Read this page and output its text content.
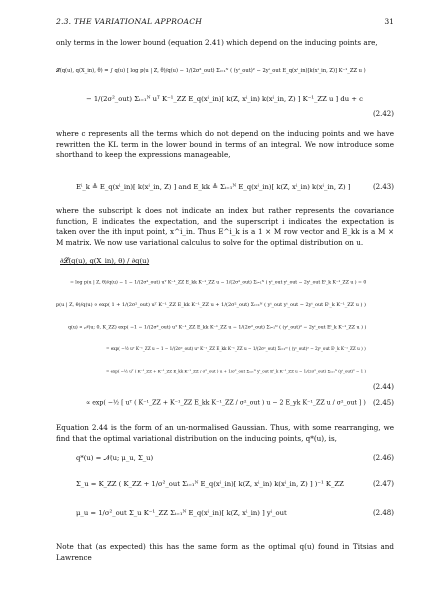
2.3. THE VARIATIONAL APPROACH	31
only terms in the lower bound (equation 2.41) which depend on the inducing points are,
𝓛(q(u), q(X_in), θ) = ∫ q(u) [ log p(u | Z, θ)/q(u) − 1/(2σ²_out) Σᵢ₌₁ᴺ ( (yⁱ_out)² − 2yⁱ_out E_q(xⁱ_in)[k(xⁱ_in, Z)] K⁻¹_ZZ u )
− 1/(2σ²_out) Σᵢ₌₁ᴺ uᵀ K⁻¹_ZZ E_q(xⁱ_in)[ k(Z, xⁱ_in) k(xⁱ_in, Z) ] K⁻¹_ZZ u ] du + c
(2.42)
where c represents all the terms which do not depend on the inducing points and we have rewritten the KL term in the lower bound in terms of an integral. We now introduce some shorthand to keep the expressions manageable,
Eⁱ_k ≜ E_q(xⁱ_in)[ k(xⁱ_in, Z) ] and E_kk ≜ Σᵢ₌₁ᴺ E_q(xⁱ_in)[ k(Z, xⁱ_in) k(xⁱ_in, Z) ]	(2.43)
where the subscript k does not indicate an index but rather represents the covariance function, E indicates the expectation, and the superscript i indicates the expectation is taken over the ith input point, x^i_in. Thus E^i_k is a 1 × M row vector and E_kk is a M × M matrix. We now use variational calculus to solve for the optimal distribution on u.
∂𝓛(q(u), q(X_in), θ) / ∂q(u)
= log p(u | Z, θ)/q(u) − 1 − 1/(2σ²_out) uᵀ K⁻¹_ZZ E_kk K⁻¹_ZZ u − 1/(2σ²_out) Σᵢ₌₁ᴺ ( yⁱ_out yⁱ_out − 2yⁱ_out Eⁱ_k K⁻¹_ZZ u ) = 0
p(u | Z, θ)/q(u) ∝ exp( 1 + 1/(2σ²_out) uᵀ K⁻¹_ZZ E_kk K⁻¹_ZZ u + 1/(2σ²_out) Σᵢ₌₁ᴺ ( yⁱ_out yⁱ_out − 2yⁱ_out Eⁱ_k K⁻¹_ZZ u ) )
q(u) ∝ 𝒩(u; 0, K_ZZ) exp( −1 − 1/(2σ²_out) uᵀ K⁻¹_ZZ E_kk K⁻¹_ZZ u − 1/(2σ²_out) Σᵢ₌₁ᴺ ( (yⁱ_out)² − 2yⁱ_out Eⁱ_k K⁻¹_ZZ u ) )
= exp( −½ uᵀ K⁻¹_ZZ u − 1 − 1/(2σ²_out) uᵀ K⁻¹_ZZ E_kk K⁻¹_ZZ u − 1/(2σ²_out) Σᵢ₌₁ᴺ ( (yⁱ_out)² − 2yⁱ_out Eⁱ_k K⁻¹_ZZ u ) )
= exp( −½ uᵀ ( K⁻¹_ZZ + K⁻¹_ZZ E_kk K⁻¹_ZZ / σ²_out ) u + 1/σ²_out Σᵢ₌₁ᴺ yⁱ_out Eⁱ_k K⁻¹_ZZ u − 1/(2σ²_out) Σᵢ₌₁ᴺ (yⁱ_out)² − 1 )
(2.44)
∝ exp( −½ [ uᵀ ( K⁻¹_ZZ + K⁻¹_ZZ E_kk K⁻¹_ZZ / σ²_out ) u − 2 E_yk K⁻¹_ZZ u / σ²_out ] ) (2.45)
Equation 2.44 is the form of an un-normalised Gaussian. Thus, with some rearranging, we find that the optimal variational distribution on the inducing points, q*(u), is,
q*(u) = 𝒩(u; μ_u, Σ_u)	(2.46)
Σ_u = K_ZZ ( K_ZZ + 1/σ²_out Σᵢ₌₁ᴺ E_q(xⁱ_in)[ k(Z, xⁱ_in) k(xⁱ_in, Z) ] )⁻¹ K_ZZ	(2.47)
μ_u = 1/σ²_out Σ_u K⁻¹_ZZ Σᵢ₌₁ᴺ E_q(xⁱ_in)[ k(Z, xⁱ_in) ] yⁱ_out	(2.48)
Note that (as expected) this has the same form as the optimal q(u) found in Titsias and Lawrence
